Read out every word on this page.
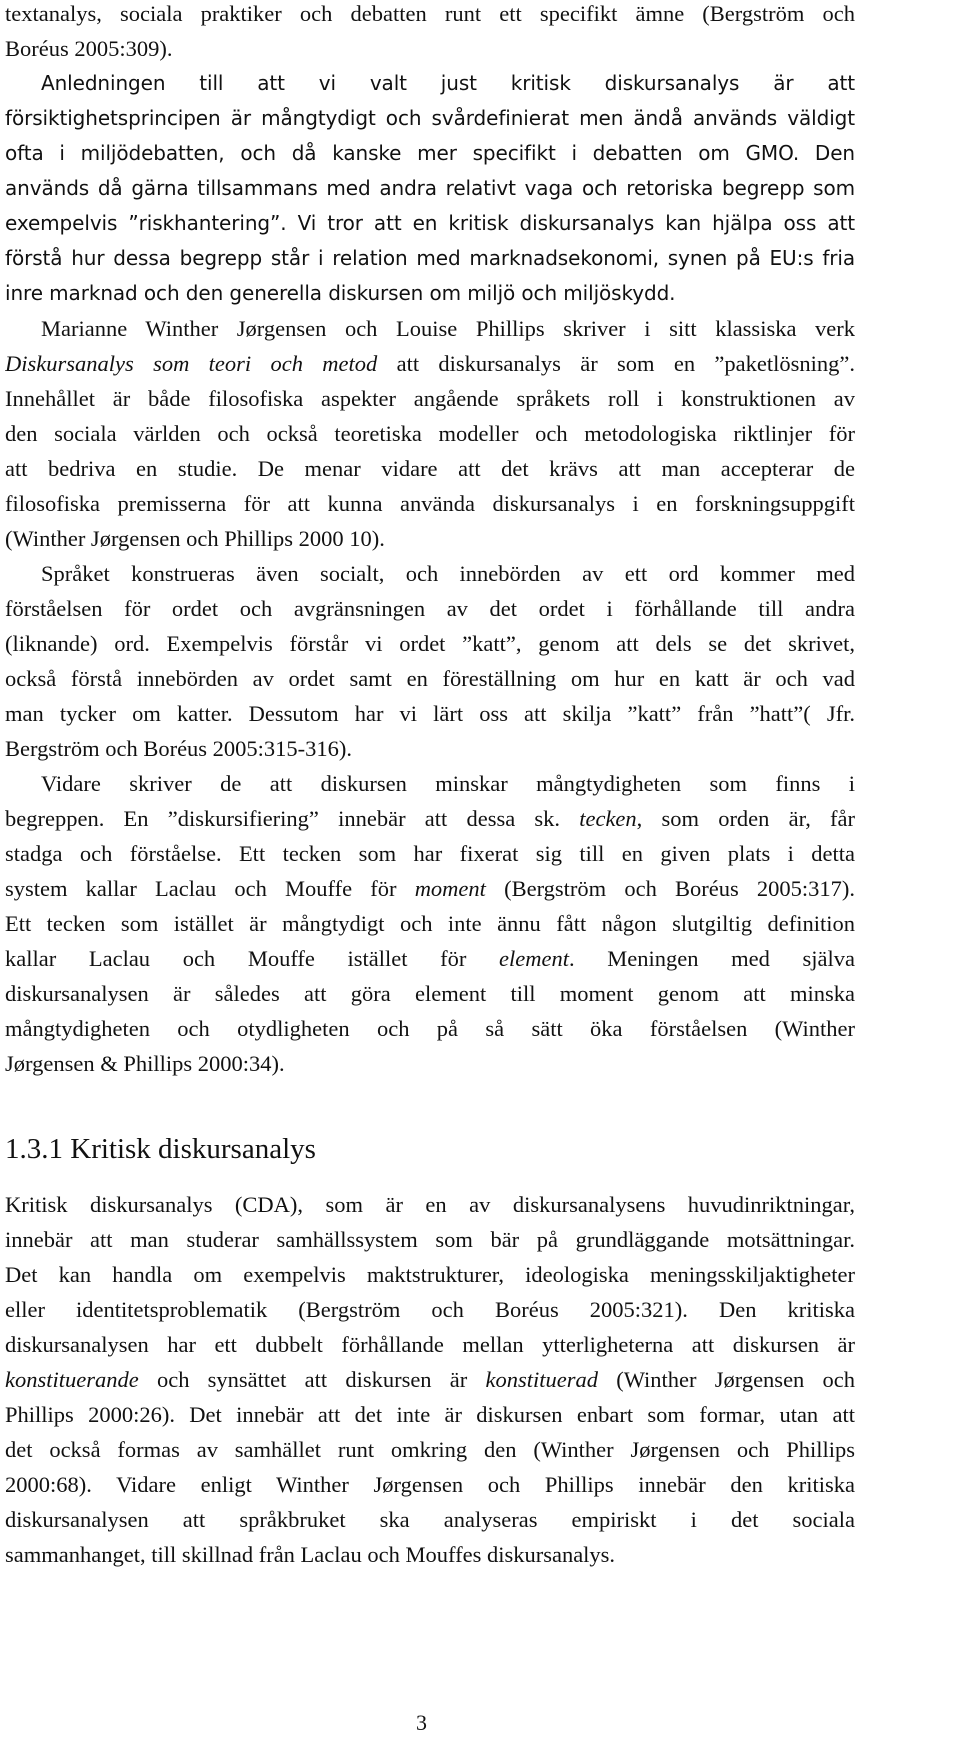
textanalys, sociala praktiker och debatten runt ett specifikt ämne (Bergström och
Boréus 2005:309).
Anledningen till att vi valt just kritisk diskursanalys är att
försiktighetsprincipen är mångtydigt och svårdefinierat men ändå används väldigt
ofta i miljödebatten, och då kanske mer specifikt i debatten om GMO. Den
används då gärna tillsammans med andra relativt vaga och retoriska begrepp som
exempelvis ”riskhantering”. Vi tror att en kritisk diskursanalys kan hjälpa oss att
förstå hur dessa begrepp står i relation med marknadsekonomi, synen på EU:s fria
inre marknad och den generella diskursen om miljö och miljöskydd.
Marianne Winther Jørgensen och Louise Phillips skriver i sitt klassiska verk
Diskursanalys som teori och metod att diskursanalys är som en ”paketlösning”.
Innehållet är både filosofiska aspekter angående språkets roll i konstruktionen av
den sociala världen och också teoretiska modeller och metodologiska riktlinjer för
att bedriva en studie. De menar vidare att det krävs att man accepterar de
filosofiska premisserna för att kunna använda diskursanalys i en forskningsuppgift
(Winther Jørgensen och Phillips 2000 10).
Språket konstrueras även socialt, och innebörden av ett ord kommer med
förståelsen för ordet och avgränsningen av det ordet i förhållande till andra
(liknande) ord. Exempelvis förstår vi ordet ”katt”, genom att dels se det skrivet,
också förstå innebörden av ordet samt en föreställning om hur en katt är och vad
man tycker om katter. Dessutom har vi lärt oss att skilja ”katt” från ”hatt”( Jfr.
Bergström och Boréus 2005:315-316).
Vidare skriver de att diskursen minskar mångtydigheten som finns i
begreppen. En ”diskursifiering” innebär att dessa sk. tecken, som orden är, får
stadga och förståelse. Ett tecken som har fixerat sig till en given plats i detta
system kallar Laclau och Mouffe för moment (Bergström och Boréus 2005:317).
Ett tecken som istället är mångtydigt och inte ännu fått någon slutgiltig definition
kallar Laclau och Mouffe istället för element. Meningen med själva
diskursanalysen är således att göra element till moment genom att minska
mångtydigheten och otydligheten och på så sätt öka förståelsen (Winther
Jørgensen & Phillips 2000:34).
1.3.1 Kritisk diskursanalys
Kritisk diskursanalys (CDA), som är en av diskursanalysens huvudinriktningar,
innebär att man studerar samhällssystem som bär på grundläggande motsättningar.
Det kan handla om exempelvis maktstrukturer, ideologiska meningsskiljaktigheter
eller identitetsproblematik (Bergström och Boréus 2005:321). Den kritiska
diskursanalysen har ett dubbelt förhållande mellan ytterligheterna att diskursen är
konstituerande och synsättet att diskursen är konstituerad (Winther Jørgensen och
Phillips 2000:26). Det innebär att det inte är diskursen enbart som formar, utan att
det också formas av samhället runt omkring den (Winther Jørgensen och Phillips
2000:68). Vidare enligt Winther Jørgensen och Phillips innebär den kritiska
diskursanalysen att språkbruket ska analyseras empiriskt i det sociala
sammanhanget, till skillnad från Laclau och Mouffes diskursanalys.
3
